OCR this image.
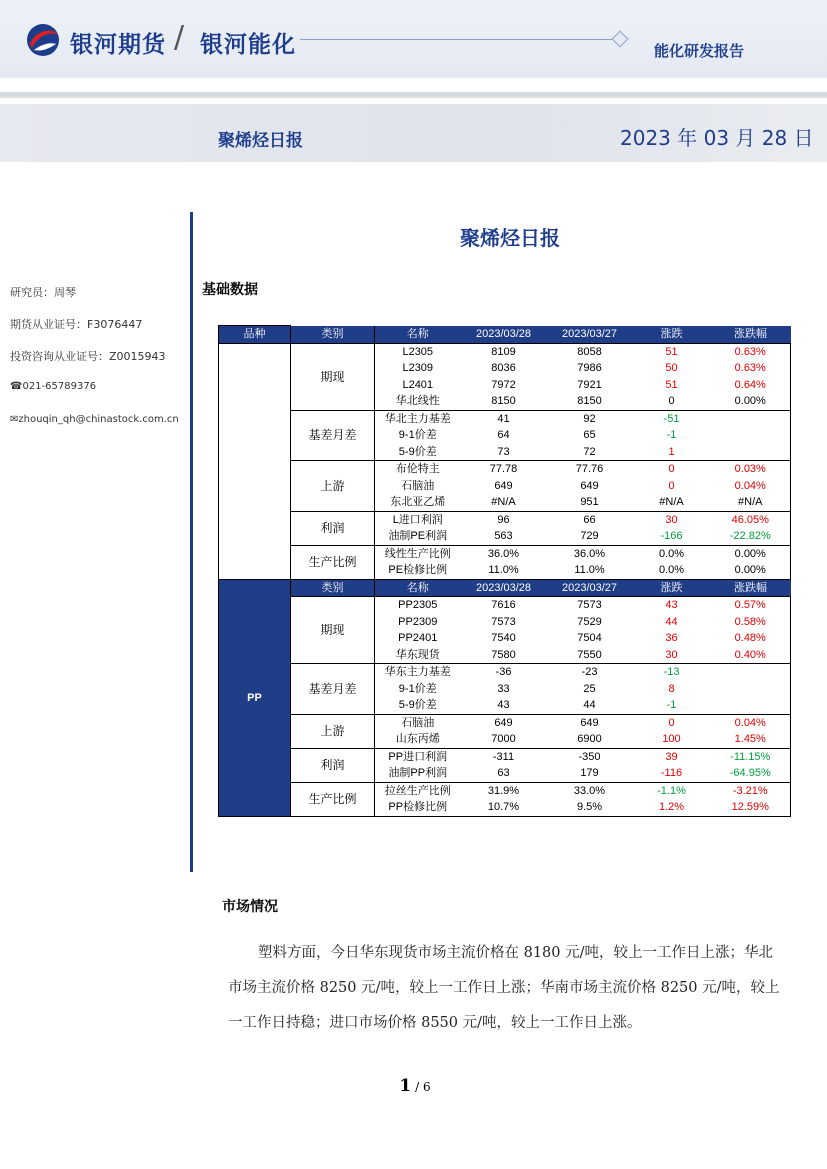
银河期货 / 银河能化	能化研发报告
聚烯烃日报	2023 年 03 月 28 日
研究员：周琴
期货从业证号：F3076447
投资咨询从业证号：Z0015943
☎021-65789376
✉zhouqin_qh@chinastock.com.cn
聚烯烃日报
基础数据
品种	类别	名称	2023/03/28	2023/03/27	涨跌	涨跌幅
	期现	L2305	8109	8058	51	0.63%
		L2309	8036	7986	50	0.63%
		L2401	7972	7921	51	0.64%
		华北线性	8150	8150	0	0.00%
	基差月差	华北主力基差	41	92	-51	
		9-1价差	64	65	-1	
		5-9价差	73	72	1	
	上游	布伦特主	77.78	77.76	0	0.03%
		石脑油	649	649	0	0.04%
		东北亚乙烯	#N/A	951	#N/A	#N/A
	利润	L进口利润	96	66	30	46.05%
		油制PE利润	563	729	-166	-22.82%
	生产比例	线性生产比例	36.0%	36.0%	0.0%	0.00%
		PE检修比例	11.0%	11.0%	0.0%	0.00%
PP	类别	名称	2023/03/28	2023/03/27	涨跌	涨跌幅
	期现	PP2305	7616	7573	43	0.57%
		PP2309	7573	7529	44	0.58%
		PP2401	7540	7504	36	0.48%
		华东现货	7580	7550	30	0.40%
	基差月差	华东主力基差	-36	-23	-13	
		9-1价差	33	25	8	
		5-9价差	43	44	-1	
	上游	石脑油	649	649	0	0.04%
		山东丙烯	7000	6900	100	1.45%
	利润	PP进口利润	-311	-350	39	-11.15%
		油制PP利润	63	179	-116	-64.95%
	生产比例	拉丝生产比例	31.9%	33.0%	-1.1%	-3.21%
		PP检修比例	10.7%	9.5%	1.2%	12.59%
市场情况
塑料方面，今日华东现货市场主流价格在 8180 元/吨，较上一工作日上涨；华北市场主流价格 8250 元/吨，较上一工作日上涨；华南市场主流价格 8250 元/吨，较上一工作日持稳；进口市场价格 8550 元/吨，较上一工作日上涨。
1 / 6
